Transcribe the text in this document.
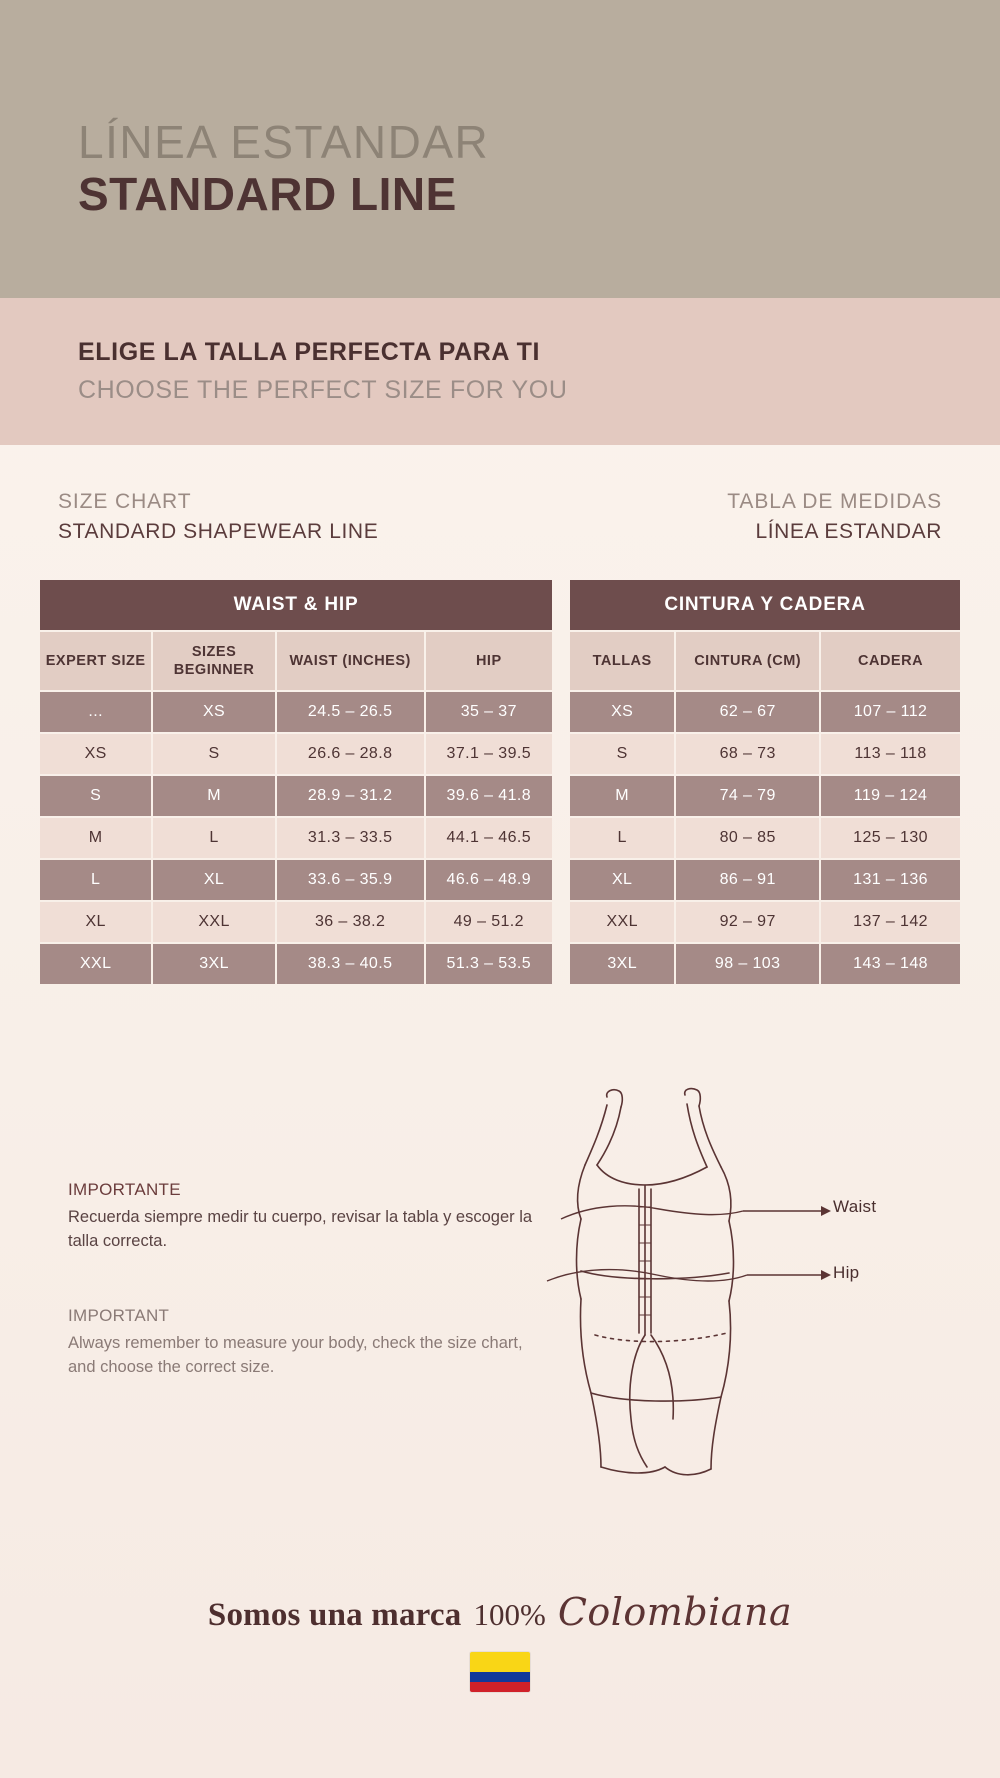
LÍNEA ESTANDAR
STANDARD LINE
ELIGE LA TALLA PERFECTA PARA TI
CHOOSE THE PERFECT SIZE FOR YOU
SIZE CHART
STANDARD SHAPEWEAR LINE
TABLA DE MEDIDAS
LÍNEA ESTANDAR
WAIST & HIP			
EXPERT SIZE	SIZES BEGINNER	WAIST (INCHES)	HIP
...	XS	24.5 – 26.5	35 – 37
XS	S	26.6 – 28.8	37.1 – 39.5
S	M	28.9 – 31.2	39.6 – 41.8
M	L	31.3 – 33.5	44.1 – 46.5
L	XL	33.6 – 35.9	46.6 – 48.9
XL	XXL	36 – 38.2	49 – 51.2
XXL	3XL	38.3 – 40.5	51.3 – 53.5
CINTURA Y CADERA		
TALLAS	CINTURA (CM)	CADERA
XS	62 – 67	107 – 112
S	68 – 73	113 – 118
M	74 – 79	119 – 124
L	80 – 85	125 – 130
XL	86 – 91	131 – 136
XXL	92 – 97	137 – 142
3XL	98 – 103	143 – 148
IMPORTANTE
Recuerda siempre medir tu cuerpo, revisar la tabla y escoger la talla correcta.
IMPORTANT
Always remember to measure your body, check the size chart, and choose the correct size.
Waist
Hip
Somos una marca 100% Colombiana
